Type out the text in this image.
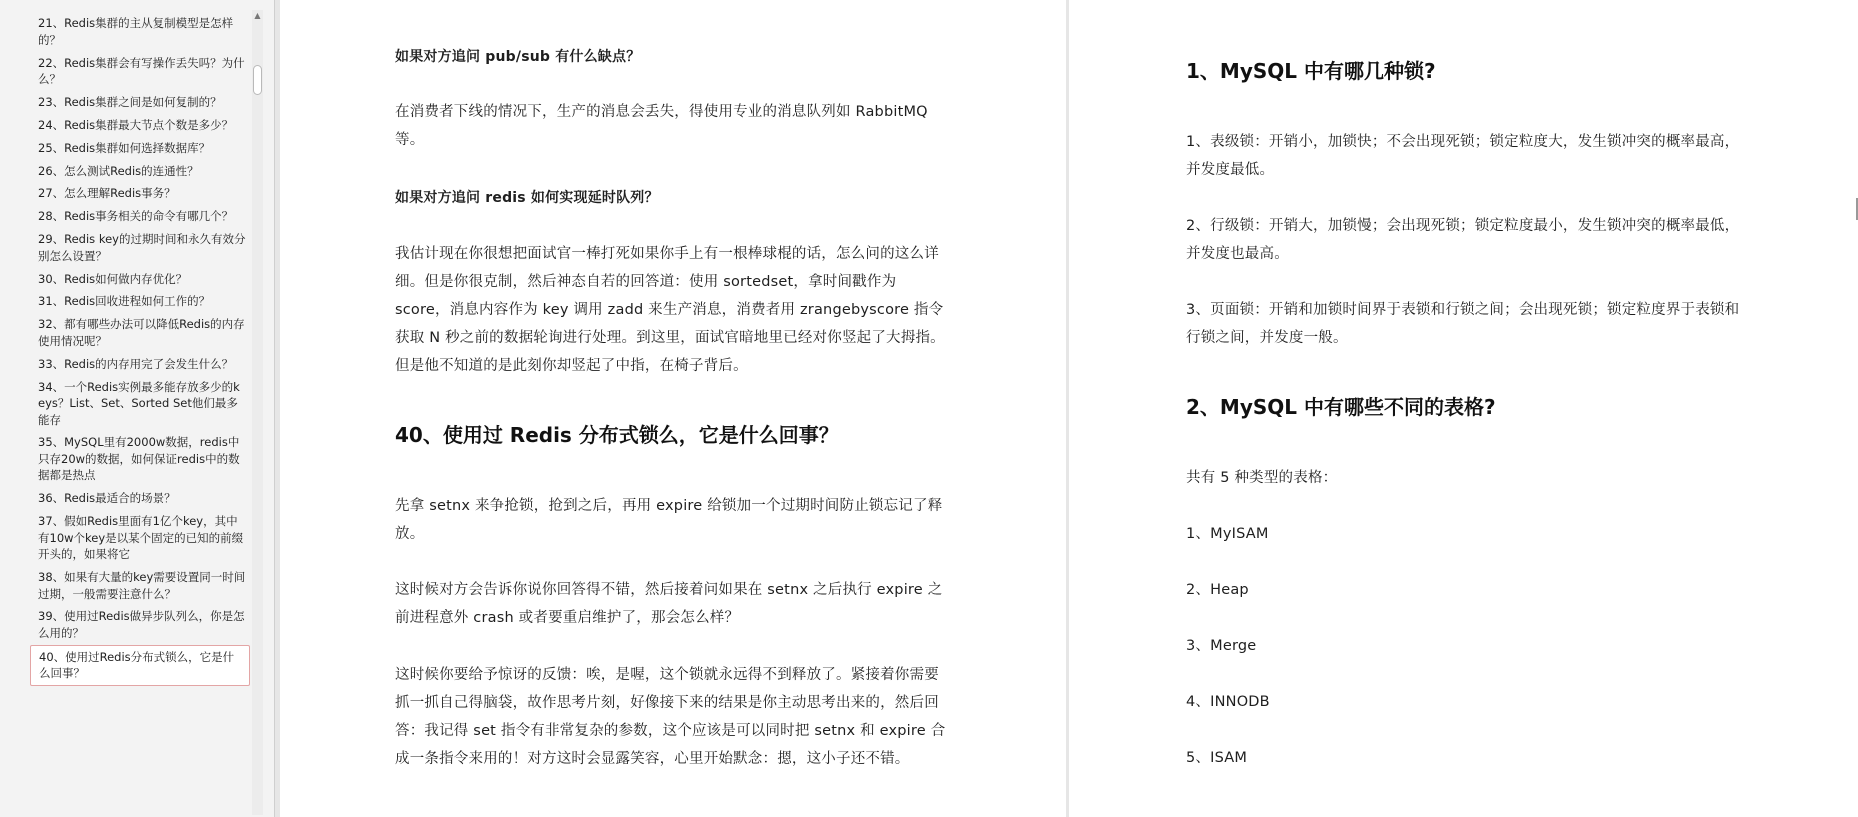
21、Redis集群的主从复制模型是怎样的？
22、Redis集群会有写操作丢失吗？为什么？
23、Redis集群之间是如何复制的？
24、Redis集群最大节点个数是多少？
25、Redis集群如何选择数据库？
26、怎么测试Redis的连通性？
27、怎么理解Redis事务？
28、Redis事务相关的命令有哪几个？
29、Redis key的过期时间和永久有效分别怎么设置？
30、Redis如何做内存优化？
31、Redis回收进程如何工作的？
32、都有哪些办法可以降低Redis的内存使用情况呢？
33、Redis的内存用完了会发生什么？
34、一个Redis实例最多能存放多少的keys？List、Set、Sorted Set他们最多能存
35、MySQL里有2000w数据，redis中只存20w的数据，如何保证redis中的数据都是热点
36、Redis最适合的场景？
37、假如Redis里面有1亿个key，其中有10w个key是以某个固定的已知的前缀开头的，如果将它
38、如果有大量的key需要设置同一时间过期，一般需要注意什么？
39、使用过Redis做异步队列么，你是怎么用的？
40、使用过Redis分布式锁么，它是什么回事？
▲

如果对方追问 pub/sub 有什么缺点？

在消费者下线的情况下，生产的消息会丢失，得使用专业的消息队列如 RabbitMQ 等。

如果对方追问 redis 如何实现延时队列？

我估计现在你很想把面试官一棒打死如果你手上有一根棒球棍的话，怎么问的这么详细。但是你很克制，然后神态自若的回答道：使用 sortedset，拿时间戳作为 score，消息内容作为 key 调用 zadd 来生产消息，消费者用 zrangebyscore 指令获取 N 秒之前的数据轮询进行处理。到这里，面试官暗地里已经对你竖起了大拇指。但是他不知道的是此刻你却竖起了中指，在椅子背后。

40、使用过 Redis 分布式锁么，它是什么回事？

先拿 setnx 来争抢锁，抢到之后，再用 expire 给锁加一个过期时间防止锁忘记了释放。

这时候对方会告诉你说你回答得不错，然后接着问如果在 setnx 之后执行 expire 之前进程意外 crash 或者要重启维护了，那会怎么样？

这时候你要给予惊讶的反馈：唉，是喔，这个锁就永远得不到释放了。紧接着你需要抓一抓自己得脑袋，故作思考片刻，好像接下来的结果是你主动思考出来的，然后回答：我记得 set 指令有非常复杂的参数，这个应该是可以同时把 setnx 和 expire 合成一条指令来用的！对方这时会显露笑容，心里开始默念：摁，这小子还不错。

1、MySQL 中有哪几种锁?

1、表级锁：开销小，加锁快；不会出现死锁；锁定粒度大，发生锁冲突的概率最高，并发度最低。

2、行级锁：开销大，加锁慢；会出现死锁；锁定粒度最小，发生锁冲突的概率最低，并发度也最高。

3、页面锁：开销和加锁时间界于表锁和行锁之间；会出现死锁；锁定粒度界于表锁和行锁之间，并发度一般。

2、MySQL 中有哪些不同的表格?

共有 5 种类型的表格：

1、MyISAM

2、Heap

3、Merge

4、INNODB

5、ISAM
